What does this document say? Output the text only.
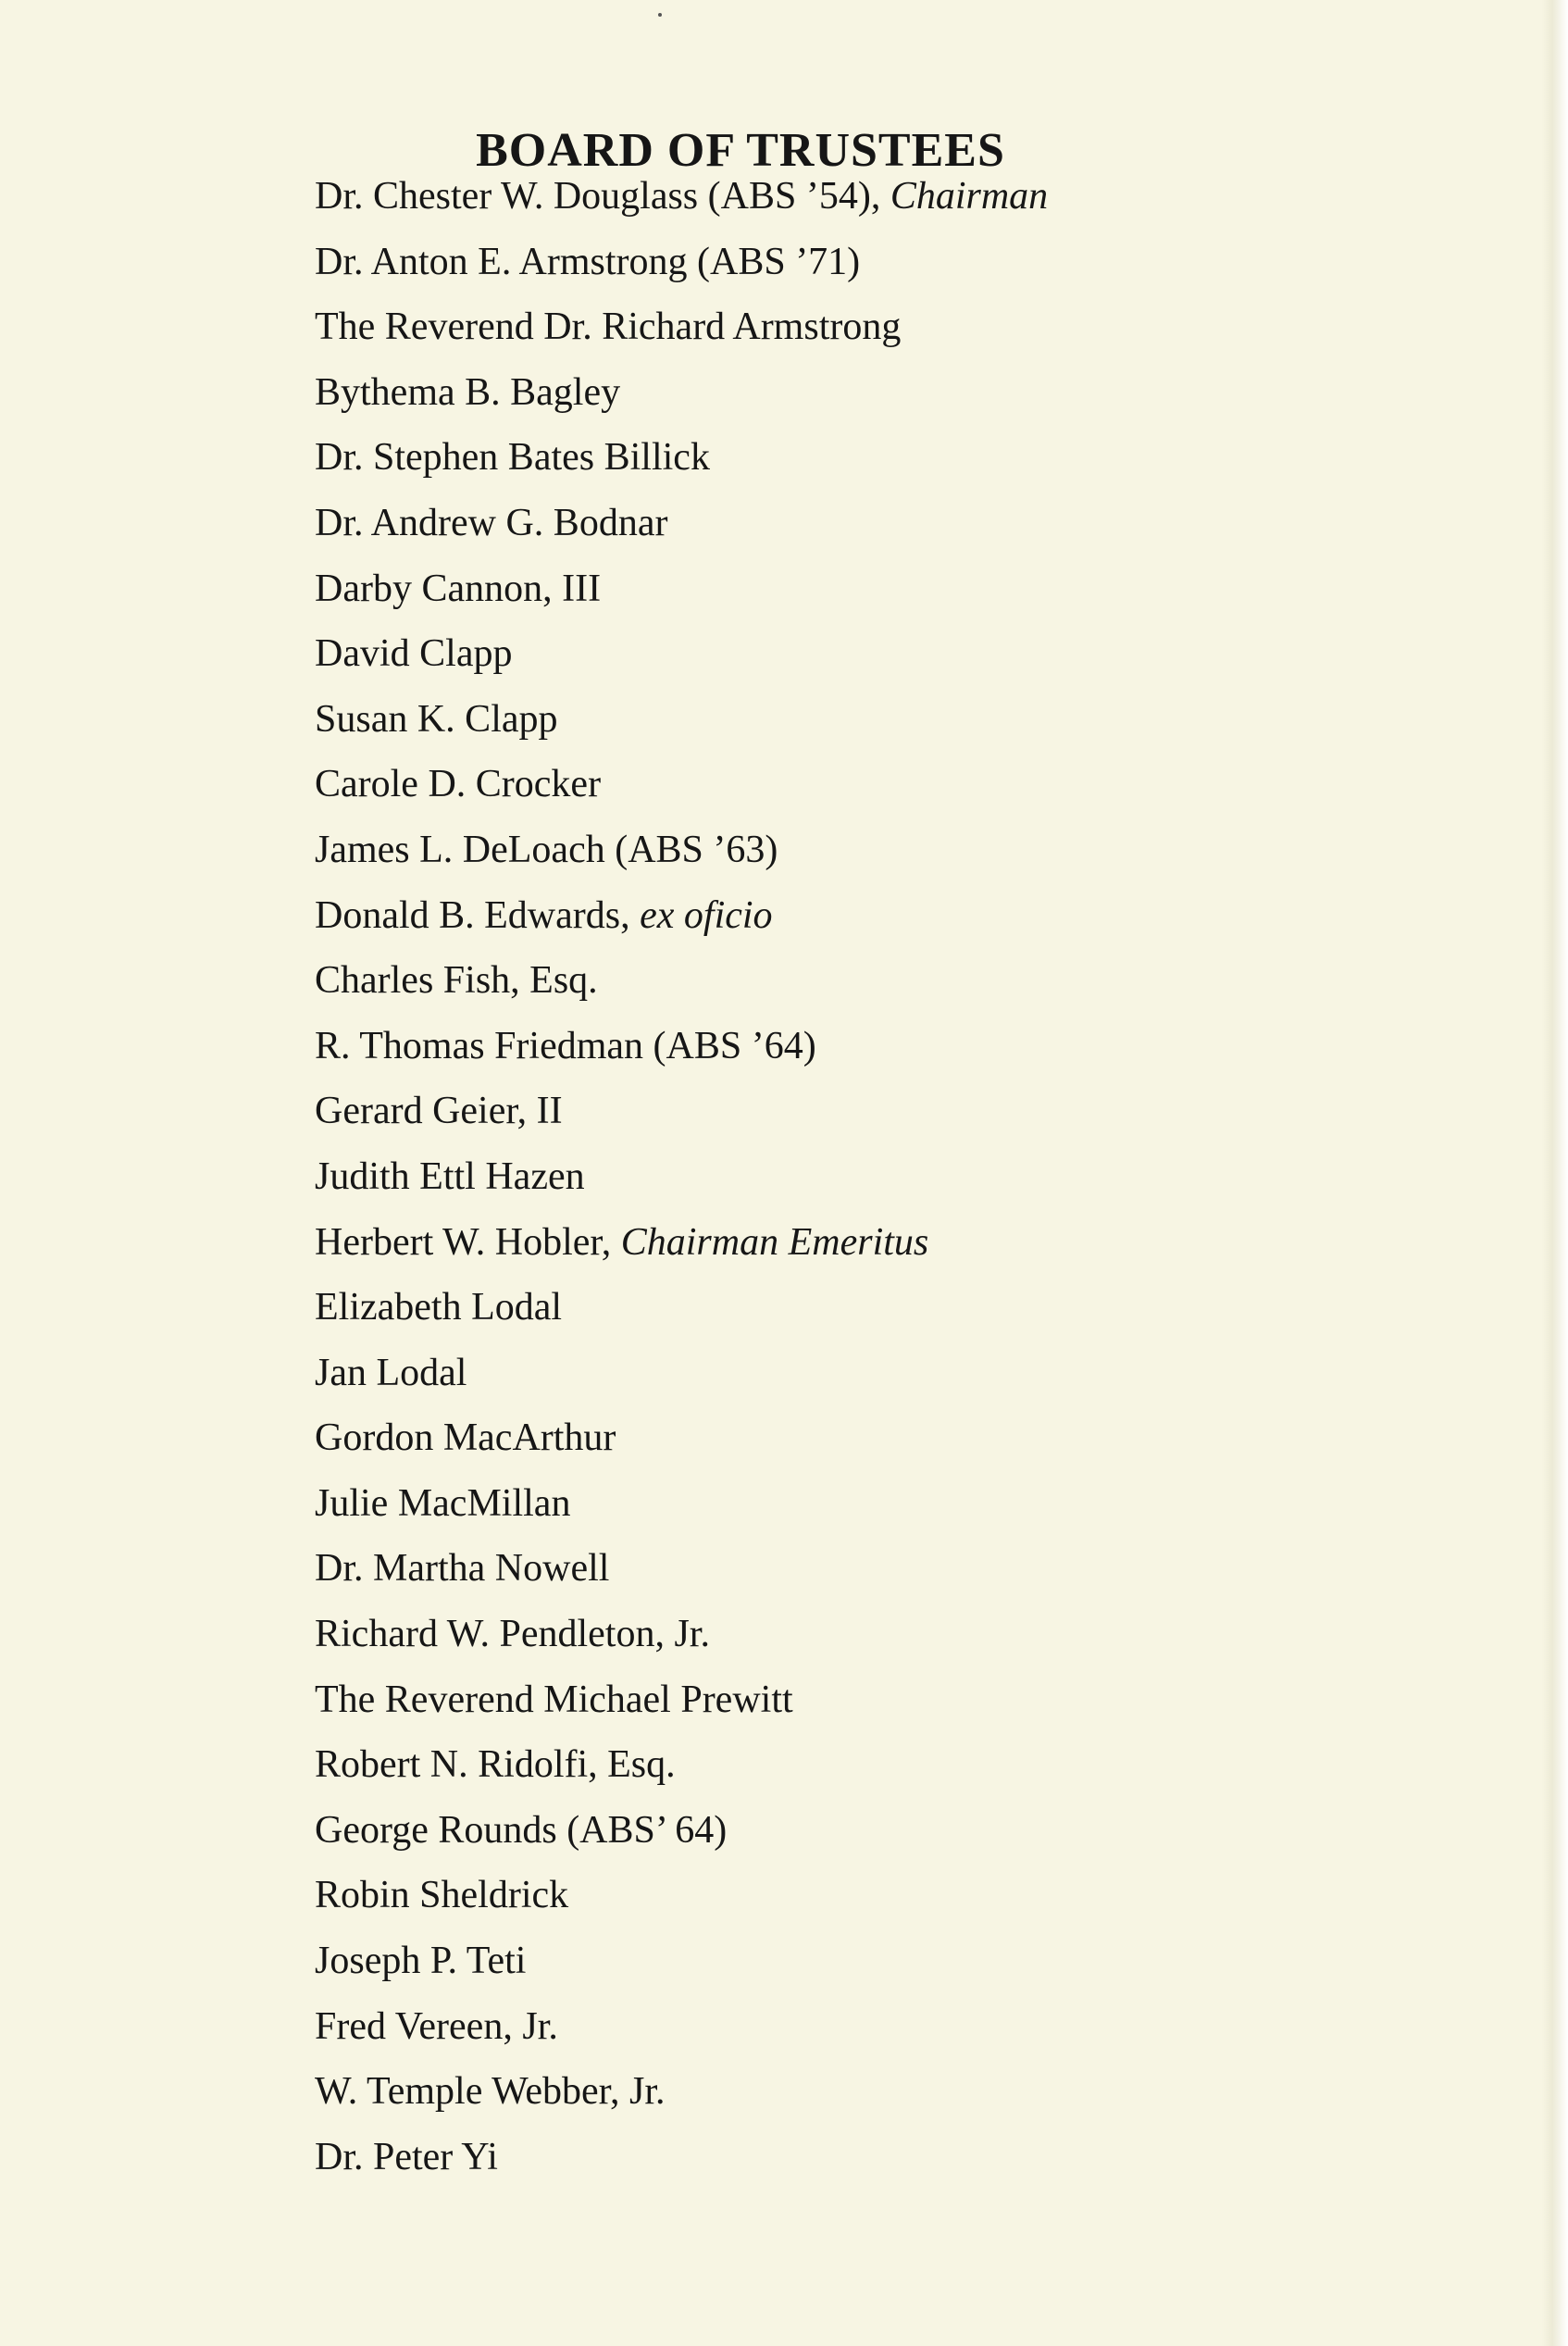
BOARD OF TRUSTEES
Dr. Chester W. Douglass (ABS ’54), Chairman
Dr. Anton E. Armstrong (ABS ’71)
The Reverend Dr. Richard Armstrong
Bythema B. Bagley
Dr. Stephen Bates Billick
Dr. Andrew G. Bodnar
Darby Cannon, III
David Clapp
Susan K. Clapp
Carole D. Crocker
James L. DeLoach (ABS ’63)
Donald B. Edwards, ex oficio
Charles Fish, Esq.
R. Thomas Friedman (ABS ’64)
Gerard Geier, II
Judith Ettl Hazen
Herbert W. Hobler, Chairman Emeritus
Elizabeth Lodal
Jan Lodal
Gordon MacArthur
Julie MacMillan
Dr. Martha Nowell
Richard W. Pendleton, Jr.
The Reverend Michael Prewitt
Robert N. Ridolfi, Esq.
George Rounds (ABS’ 64)
Robin Sheldrick
Joseph P. Teti
Fred Vereen, Jr.
W. Temple Webber, Jr.
Dr. Peter Yi
